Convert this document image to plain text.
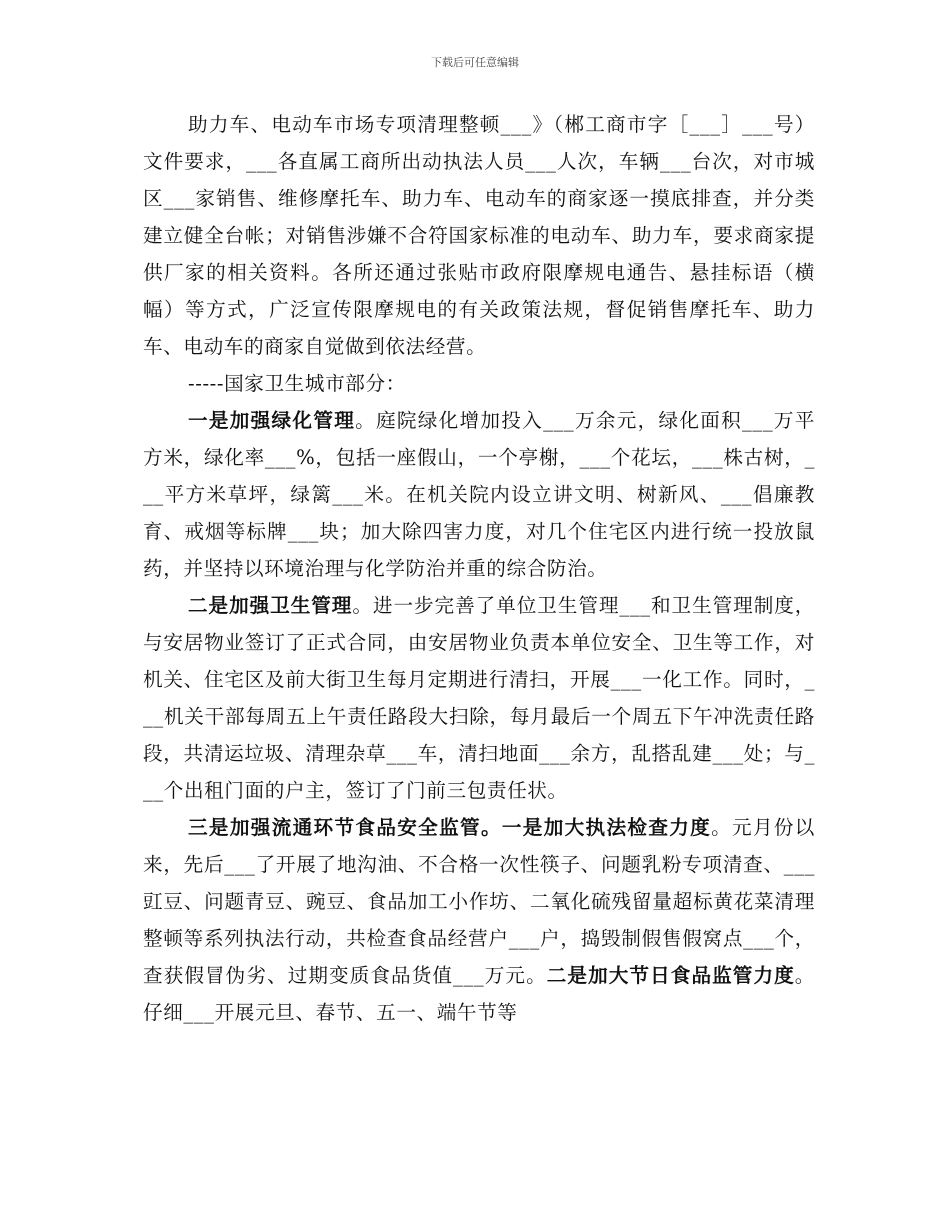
下载后可任意编辑

助力车、电动车市场专项清理整顿___》（郴工商市字［___］___号）文件要求，___各直属工商所出动执法人员___人次，车辆___台次，对市城区___家销售、维修摩托车、助力车、电动车的商家逐一摸底排查，并分类建立健全台帐；对销售涉嫌不合符国家标准的电动车、助力车，要求商家提供厂家的相关资料。各所还通过张贴市政府限摩规电通告、悬挂标语（横幅）等方式，广泛宣传限摩规电的有关政策法规，督促销售摩托车、助力车、电动车的商家自觉做到依法经营。

-----国家卫生城市部分：

一是加强绿化管理。庭院绿化增加投入___万余元，绿化面积___万平方米，绿化率___%，包括一座假山，一个亭榭，___个花坛，___株古树，___平方米草坪，绿篱___米。在机关院内设立讲文明、树新风、___倡廉教育、戒烟等标牌___块；加大除四害力度，对几个住宅区内进行统一投放鼠药，并坚持以环境治理与化学防治并重的综合防治。

二是加强卫生管理。进一步完善了单位卫生管理___和卫生管理制度，与安居物业签订了正式合同，由安居物业负责本单位安全、卫生等工作，对机关、住宅区及前大街卫生每月定期进行清扫，开展___一化工作。同时，___机关干部每周五上午责任路段大扫除，每月最后一个周五下午冲洗责任路段，共清运垃圾、清理杂草___车，清扫地面___余方，乱搭乱建___处；与___个出租门面的户主，签订了门前三包责任状。

三是加强流通环节食品安全监管。一是加大执法检查力度。元月份以来，先后___了开展了地沟油、不合格一次性筷子、问题乳粉专项清查、___豇豆、问题青豆、豌豆、食品加工小作坊、二氧化硫残留量超标黄花菜清理整顿等系列执法行动，共检查食品经营户___户，捣毁制假售假窝点___个，查获假冒伪劣、过期变质食品货值___万元。二是加大节日食品监管力度。仔细___开展元旦、春节、五一、端午节等
